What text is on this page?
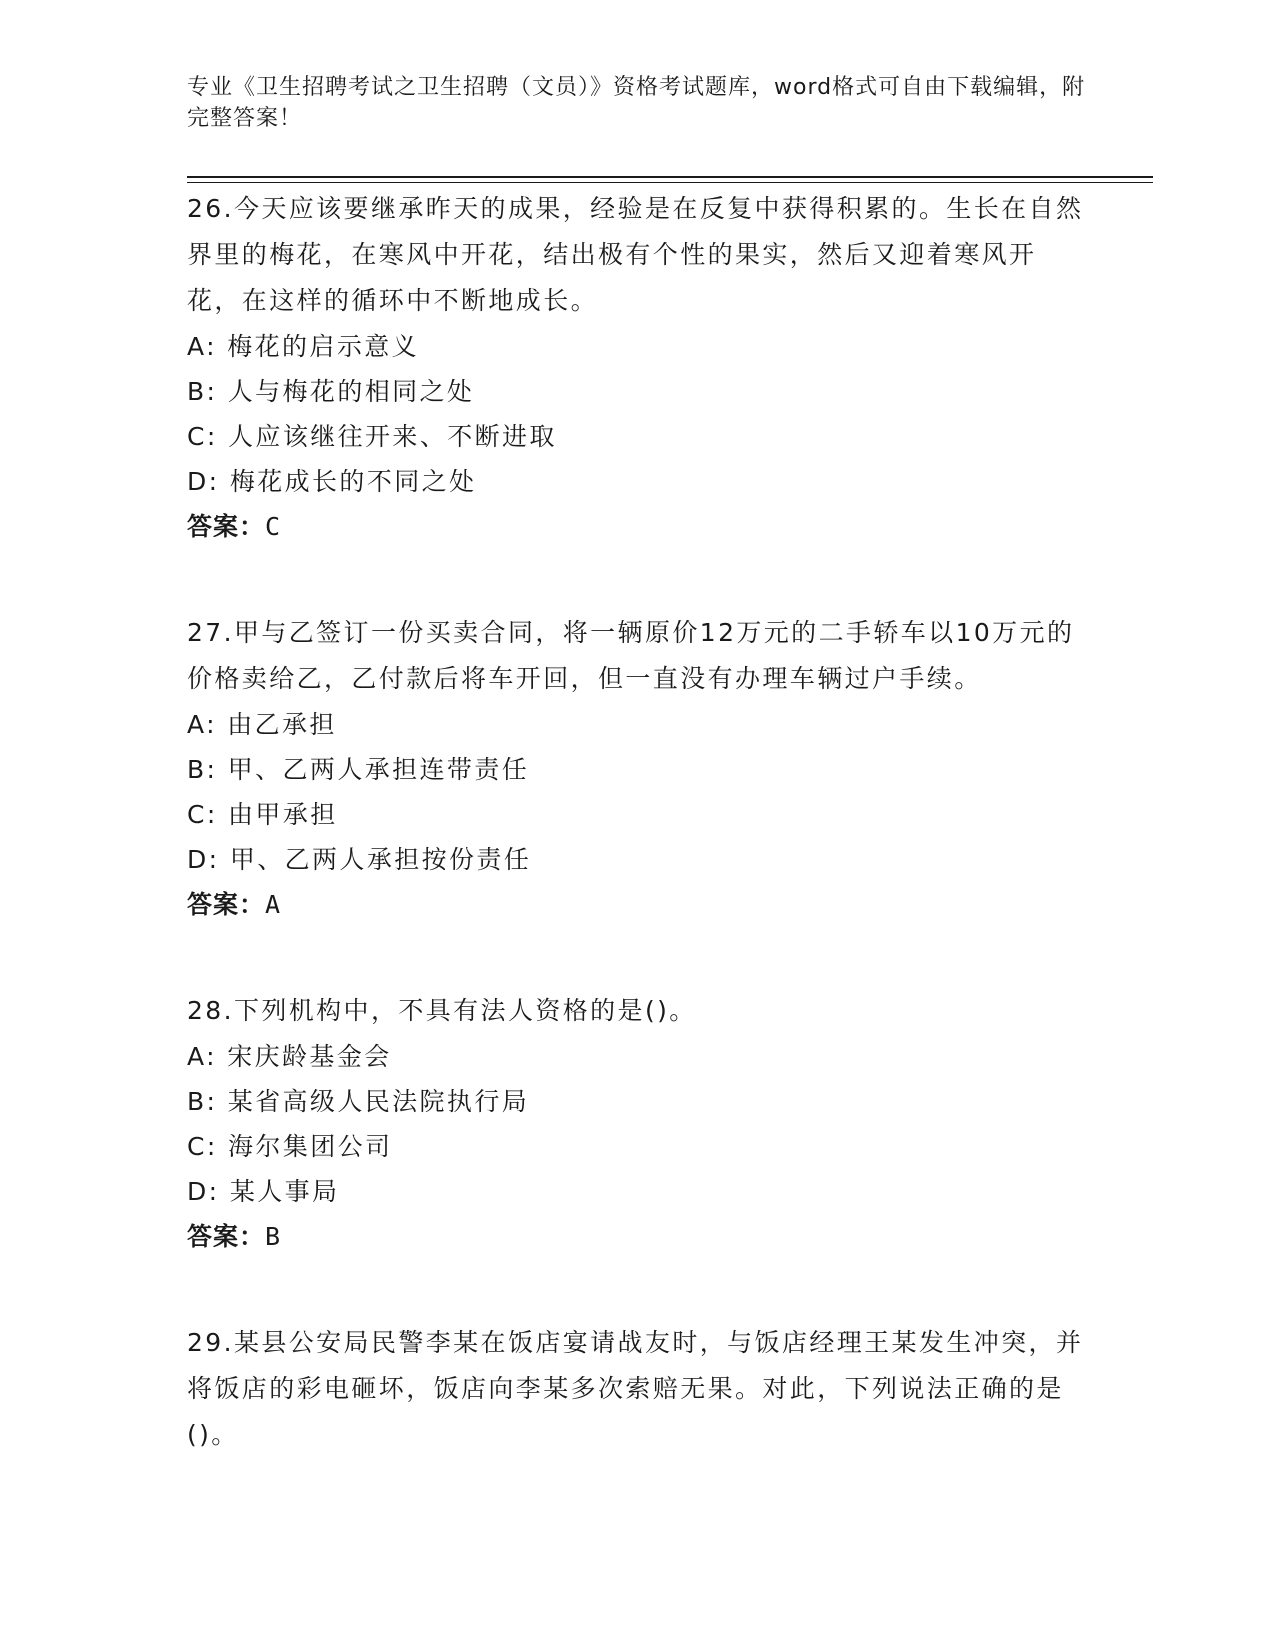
专业《卫生招聘考试之卫生招聘（文员）》资格考试题库，word格式可自由下载编辑，附完整答案！
26.今天应该要继承昨天的成果，经验是在反复中获得积累的。生长在自然界里的梅花，在寒风中开花，结出极有个性的果实，然后又迎着寒风开花，在这样的循环中不断地成长。
A: 梅花的启示意义
B: 人与梅花的相同之处
C: 人应该继往开来、不断进取
D: 梅花成长的不同之处
答案：C
27.甲与乙签订一份买卖合同，将一辆原价12万元的二手轿车以10万元的价格卖给乙，乙付款后将车开回，但一直没有办理车辆过户手续。
A: 由乙承担
B: 甲、乙两人承担连带责任
C: 由甲承担
D: 甲、乙两人承担按份责任
答案：A
28.下列机构中，不具有法人资格的是()。
A: 宋庆龄基金会
B: 某省高级人民法院执行局
C: 海尔集团公司
D: 某人事局
答案：B
29.某县公安局民警李某在饭店宴请战友时，与饭店经理王某发生冲突，并将饭店的彩电砸坏，饭店向李某多次索赔无果。对此，下列说法正确的是()。
